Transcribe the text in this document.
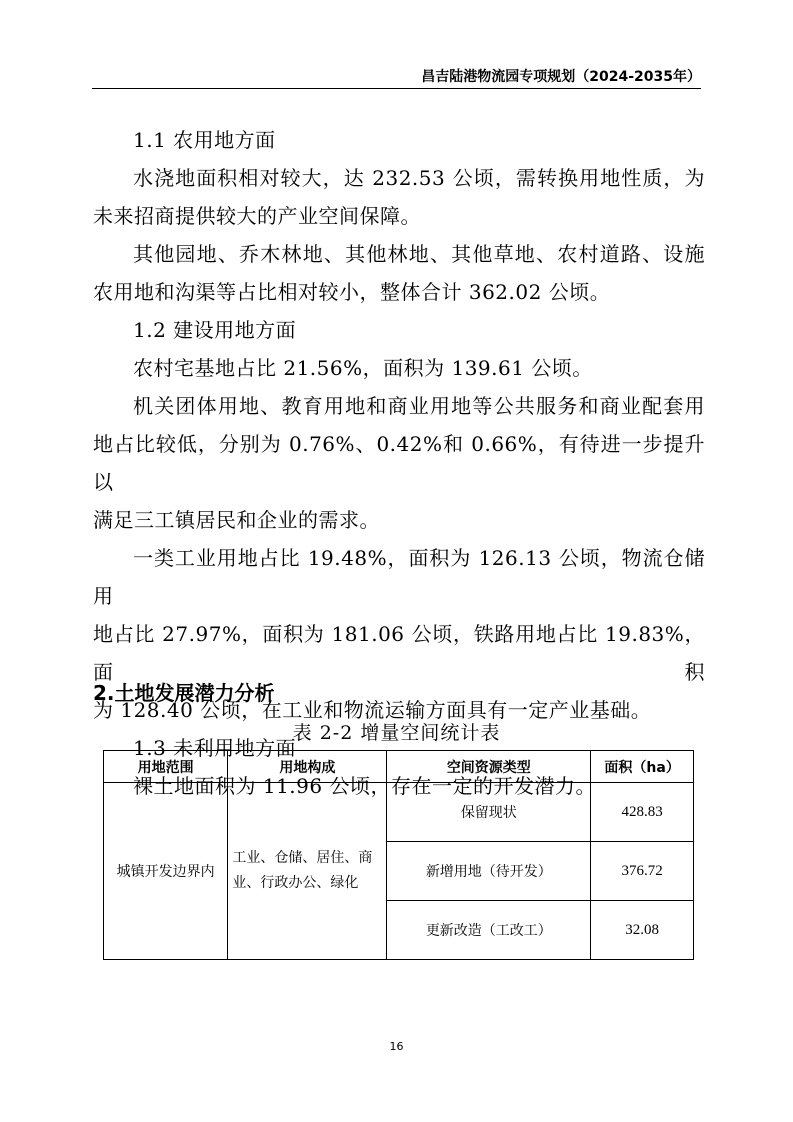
昌吉陆港物流园专项规划（2024-2035年）

1.1 农用地方面

水浇地面积相对较大，达 232.53 公顷，需转换用地性质，为

未来招商提供较大的产业空间保障。

其他园地、乔木林地、其他林地、其他草地、农村道路、设施

农用地和沟渠等占比相对较小，整体合计 362.02 公顷。

1.2 建设用地方面

农村宅基地占比 21.56%，面积为 139.61 公顷。

机关团体用地、教育用地和商业用地等公共服务和商业配套用

地占比较低，分别为 0.76%、0.42%和 0.66%，有待进一步提升以

满足三工镇居民和企业的需求。

一类工业用地占比 19.48%，面积为 126.13 公顷，物流仓储用

地占比 27.97%，面积为 181.06 公顷，铁路用地占比 19.83%，面积

为 128.40 公顷，在工业和物流运输方面具有一定产业基础。

1.3 未利用地方面

裸土地面积为 11.96 公顷，存在一定的开发潜力。

2.土地发展潜力分析
表 2-2 增量空间统计表
用地范围	用地构成	空间资源类型	面积（ha）
城镇开发边界内	工业、仓储、居住、商业、行政办公、绿化	保留现状	428.83
		新增用地（待开发）	376.72
		更新改造（工改工）	32.08
16
